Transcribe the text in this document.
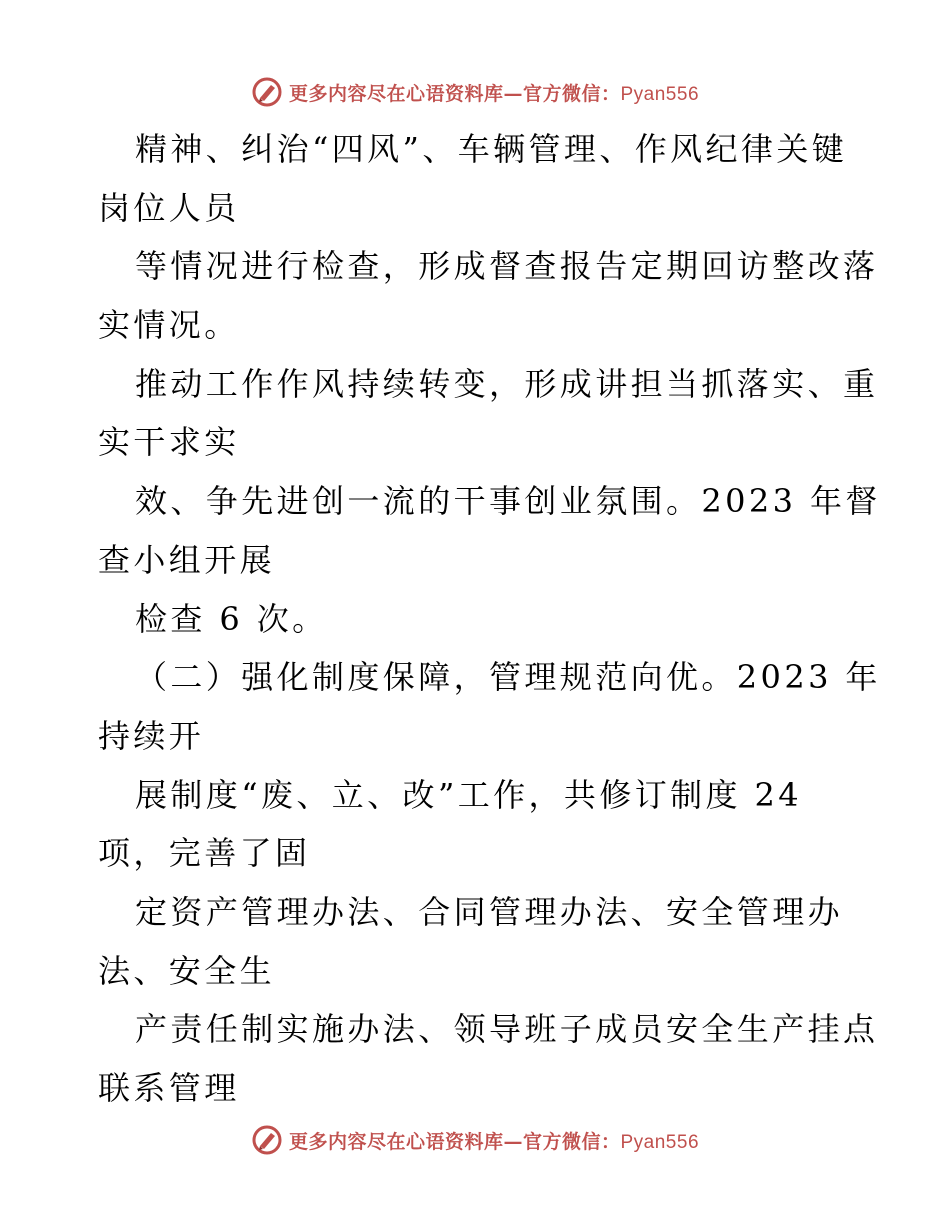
更多内容尽在心语资料库—官方微信：Pyan556
精神、纠治“四风”、车辆管理、作风纪律关键
岗位人员
等情况进行检查，形成督查报告定期回访整改落
实情况。
推动工作作风持续转变，形成讲担当抓落实、重
实干求实
效、争先进创一流的干事创业氛围。2023 年督
查小组开展
检查 6 次。
（二）强化制度保障，管理规范向优。2023 年
持续开
展制度“废、立、改”工作，共修订制度 24
项，完善了固
定资产管理办法、合同管理办法、安全管理办
法、安全生
产责任制实施办法、领导班子成员安全生产挂点
联系管理
更多内容尽在心语资料库—官方微信：Pyan556
